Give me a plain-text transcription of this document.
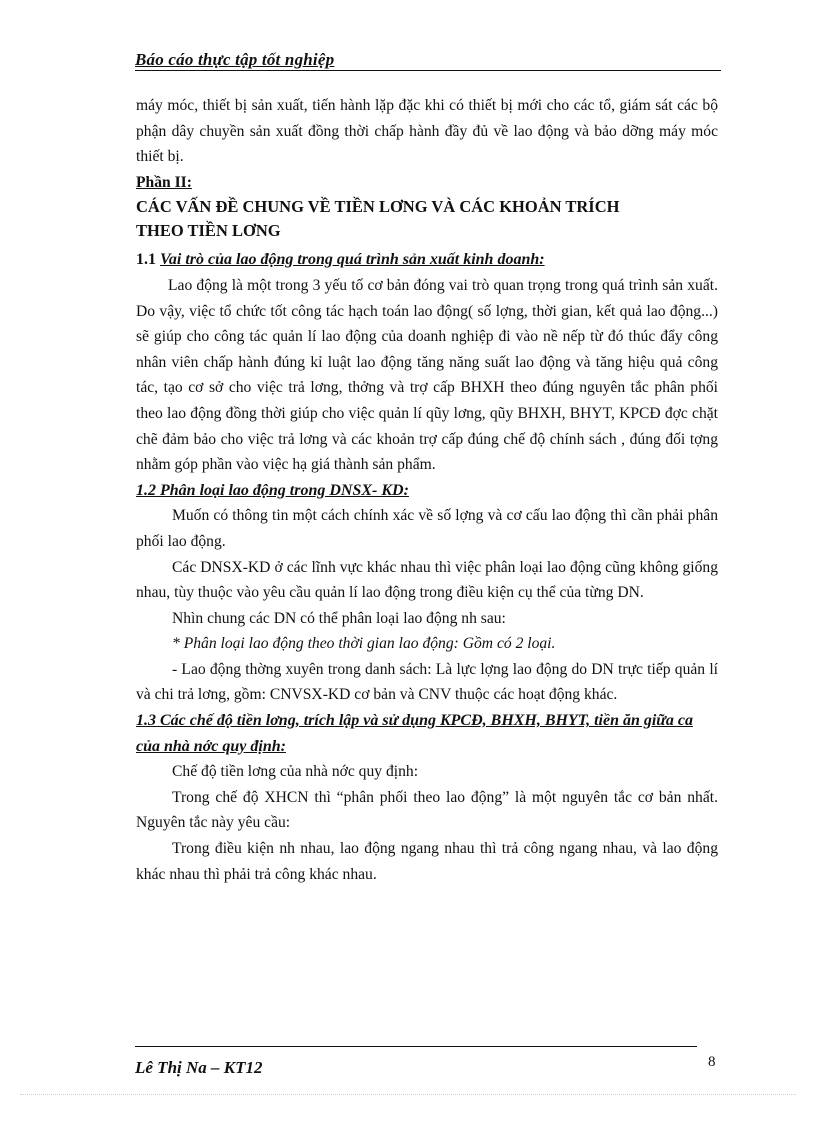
Báo cáo thực tập tốt nghiệp

máy móc, thiết bị sản xuất, tiến hành lặp đặc khi có thiết bị mới cho các tổ, giám sát các bộ phận dây chuyền sản xuất đồng thời chấp hành đầy đủ về lao động và bảo dỡng máy móc thiết bị.

Phần II:

CÁC VẤN ĐỀ CHUNG VỀ TIỀN LƠNG VÀ CÁC KHOẢN TRÍCH

THEO TIỀN LƠNG

1.1 Vai trò của lao động trong quá trình sản xuất kinh doanh:

Lao động là một trong 3 yếu tố cơ bản đóng vai trò quan trọng trong quá trình sản xuất. Do vậy, việc tổ chức tốt công tác hạch toán lao động( số lợng, thời gian, kết quả lao động...) sẽ giúp cho công tác quản lí lao động của doanh nghiệp đi vào nề nếp từ đó thúc đẩy công nhân viên chấp hành đúng kỉ luật lao động tăng năng suất lao động và tăng hiệu quả công tác, tạo cơ sở cho việc trả lơng, thởng và trợ cấp BHXH theo đúng nguyên tắc phân phối theo lao động đồng thời giúp cho việc quản lí qũy lơng, qũy BHXH, BHYT, KPCĐ đợc chặt chẽ đảm bảo cho việc trả lơng và các khoản trợ cấp đúng chế độ chính sách , đúng đối tợng nhằm góp phần vào việc hạ giá thành sản phẩm.

1.2 Phân loại lao động trong DNSX- KD:

Muốn có thông tin một cách chính xác về số lợng và cơ cấu lao động thì cần phải phân phối lao động.

Các DNSX-KD ở các lĩnh vực khác nhau thì việc phân loại lao động cũng không giống nhau, tùy thuộc vào yêu cầu quản lí lao động trong điều kiện cụ thể của từng DN.

Nhìn chung các DN có thể phân loại lao động nh sau:

* Phân loại lao động theo thời gian lao động: Gồm có 2 loại.

- Lao động thờng xuyên trong danh sách: Là lực lợng lao động do DN trực tiếp quản lí và chi trả lơng, gồm: CNVSX-KD cơ bản và CNV thuộc các hoạt động khác.

1.3 Các chế độ tiền lơng, trích lập và sử dụng KPCĐ, BHXH, BHYT, tiền ăn giữa ca của nhà nớc quy định:

Chế độ tiền lơng của nhà nớc quy định:

Trong chế độ XHCN thì “phân phối theo lao động” là một nguyên tắc cơ bản nhất. Nguyên tắc này yêu cầu:

Trong điều kiện nh nhau, lao động ngang nhau thì trả công ngang nhau, và lao động khác nhau thì phải trả công khác nhau.

Lê Thị Na – KT12	8
